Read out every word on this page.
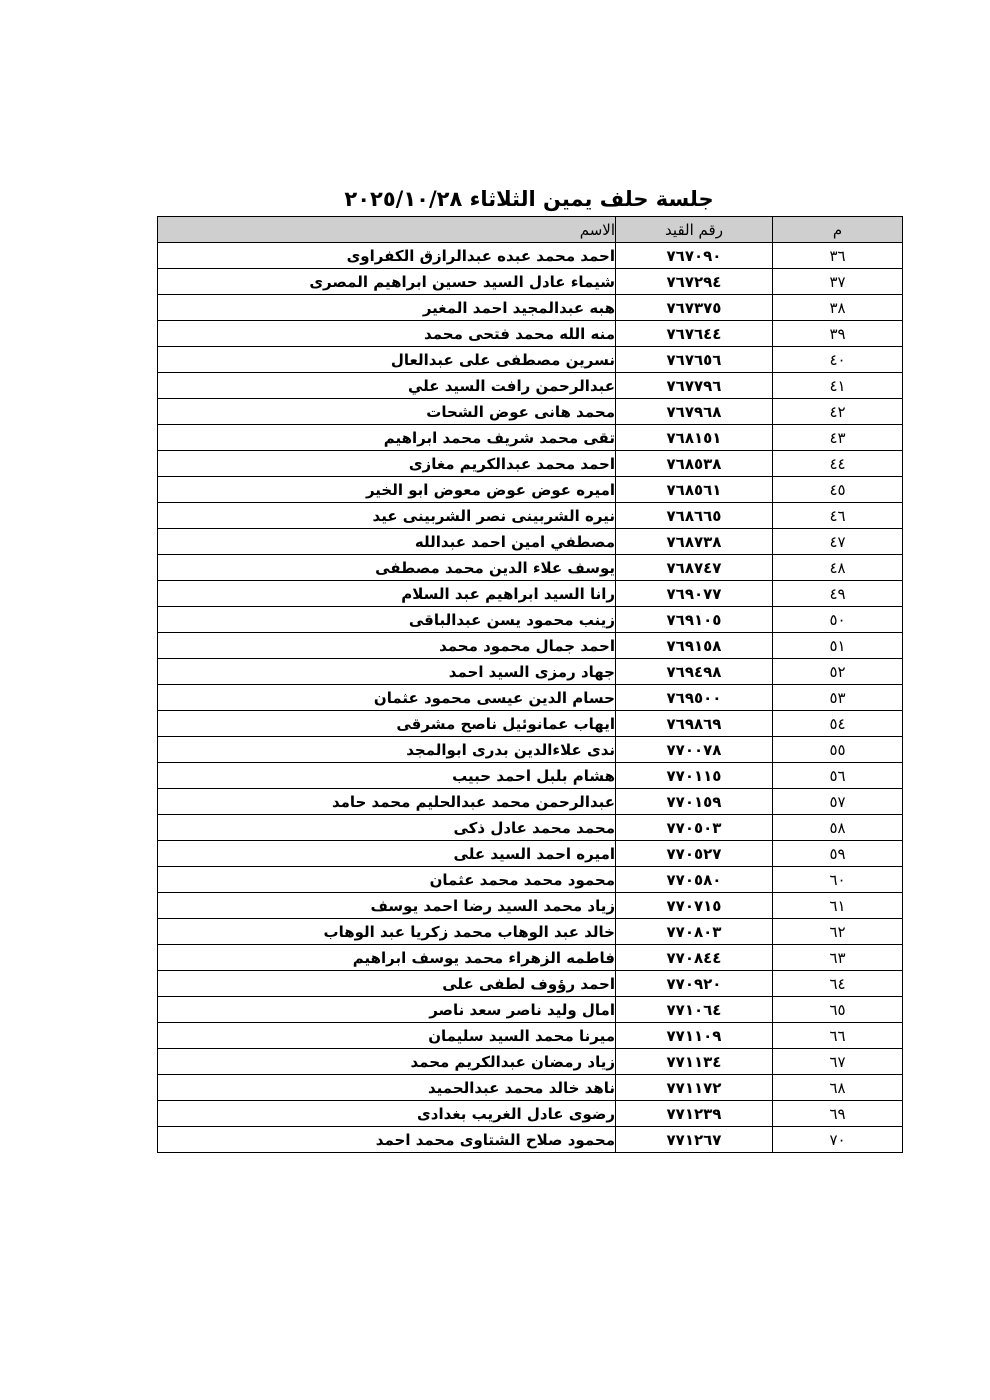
جلسة حلف يمين الثلاثاء ٢٠٢٥/١٠/٢٨
م	رقم القيد	الاسم
٣٦	٧٦٧٠٩٠	احمد محمد عبده عبدالرازق الكفراوى
٣٧	٧٦٧٢٩٤	شيماء عادل السيد حسين ابراهيم المصرى
٣٨	٧٦٧٣٧٥	هبه عبدالمجيد احمد المغير
٣٩	٧٦٧٦٤٤	منه الله محمد فتحى محمد
٤٠	٧٦٧٦٥٦	نسرين مصطفى على عبدالعال
٤١	٧٦٧٧٩٦	عبدالرحمن رافت السيد علي
٤٢	٧٦٧٩٦٨	محمد هانى عوض الشحات
٤٣	٧٦٨١٥١	تقى محمد شريف محمد ابراهيم
٤٤	٧٦٨٥٣٨	احمد محمد عبدالكريم مغازى
٤٥	٧٦٨٥٦١	اميره عوض عوض معوض ابو الخير
٤٦	٧٦٨٦٦٥	نيره الشربينى نصر الشربينى عيد
٤٧	٧٦٨٧٣٨	مصطفي امين احمد عبدالله
٤٨	٧٦٨٧٤٧	يوسف علاء الدين محمد مصطفى
٤٩	٧٦٩٠٧٧	رانا السيد ابراهيم عبد السلام
٥٠	٧٦٩١٠٥	زينب محمود يسن عبدالباقى
٥١	٧٦٩١٥٨	احمد جمال محمود محمد
٥٢	٧٦٩٤٩٨	جهاد رمزى السيد احمد
٥٣	٧٦٩٥٠٠	حسام الدين عيسى محمود عثمان
٥٤	٧٦٩٨٦٩	ايهاب عمانوئيل ناصح مشرقى
٥٥	٧٧٠٠٧٨	ندى علاءالدين بدرى ابوالمجد
٥٦	٧٧٠١١٥	هشام بلبل احمد حبيب
٥٧	٧٧٠١٥٩	عبدالرحمن محمد عبدالحليم محمد حامد
٥٨	٧٧٠٥٠٣	محمد محمد عادل ذكى
٥٩	٧٧٠٥٢٧	اميره احمد السيد على
٦٠	٧٧٠٥٨٠	محمود محمد محمد عثمان
٦١	٧٧٠٧١٥	زياد محمد السيد رضا احمد يوسف
٦٢	٧٧٠٨٠٣	خالد عبد الوهاب محمد زكريا عبد الوهاب
٦٣	٧٧٠٨٤٤	فاطمه الزهراء محمد يوسف ابراهيم
٦٤	٧٧٠٩٢٠	احمد رؤوف لطفى على
٦٥	٧٧١٠٦٤	امال وليد ناصر سعد ناصر
٦٦	٧٧١١٠٩	ميرنا محمد السيد سليمان
٦٧	٧٧١١٣٤	زياد رمضان عبدالكريم محمد
٦٨	٧٧١١٧٢	ناهد خالد محمد عبدالحميد
٦٩	٧٧١٢٣٩	رضوى عادل الغريب بغدادى
٧٠	٧٧١٢٦٧	محمود صلاح الشتاوى محمد احمد
